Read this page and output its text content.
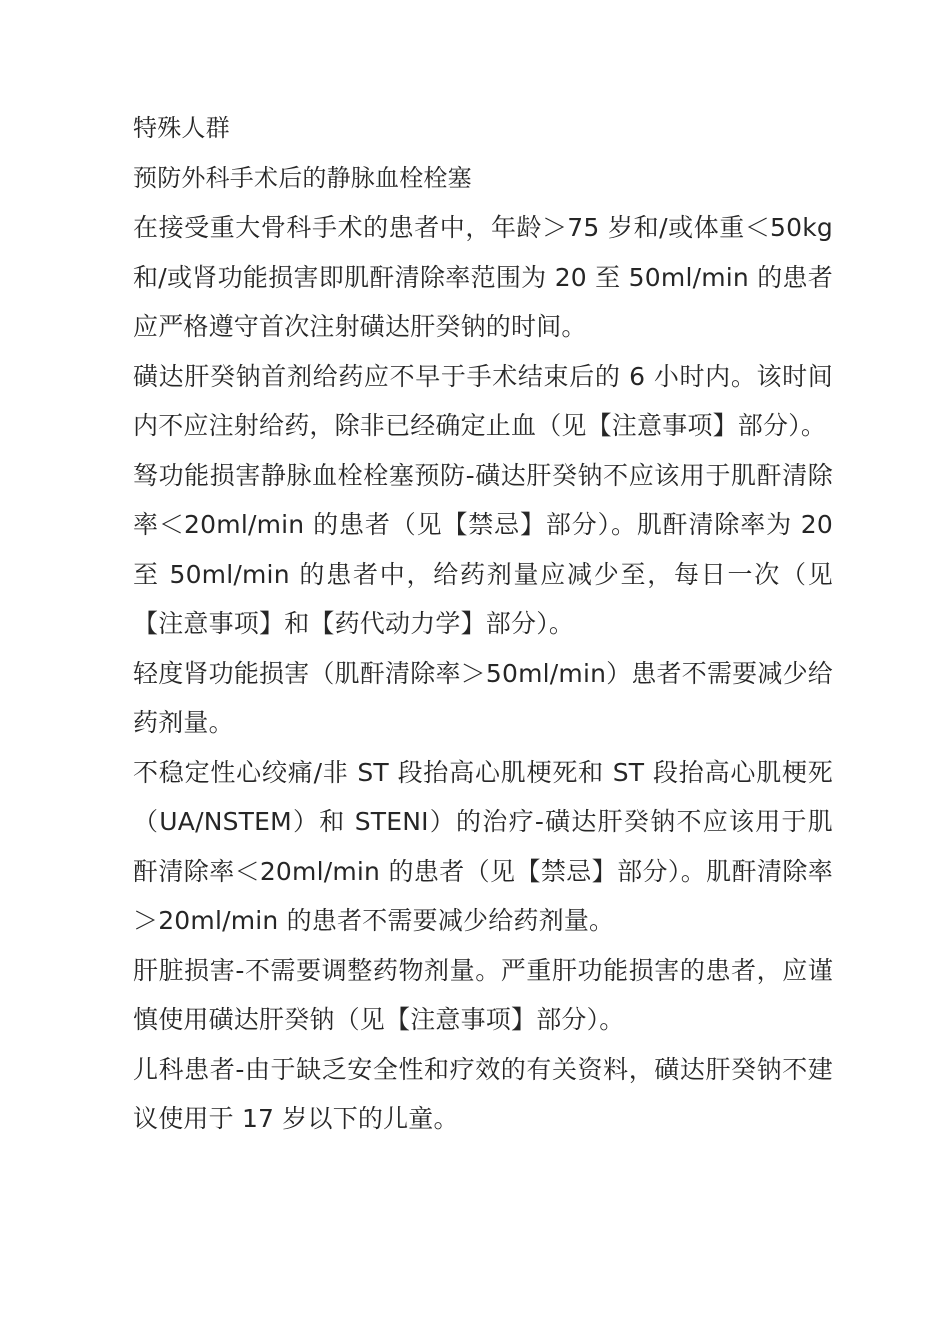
特殊人群

预防外科手术后的静脉血栓栓塞

在接受重大骨科手术的患者中，年龄＞75 岁和/或体重＜50kg 和/或肾功能损害即肌酐清除率范围为 20 至 50ml/min 的患者应严格遵守首次注射磺达肝癸钠的时间。

磺达肝癸钠首剂给药应不早于手术结束后的 6 小时内。该时间内不应注射给药，除非已经确定止血（见【注意事项】部分）。

驽功能损害静脉血栓栓塞预防-磺达肝癸钠不应该用于肌酐清除率＜20ml/min 的患者（见【禁忌】部分）。肌酐清除率为 20 至 50ml/min 的患者中，给药剂量应减少至，每日一次（见【注意事项】和【药代动力学】部分）。

轻度肾功能损害（肌酐清除率＞50ml/min）患者不需要减少给药剂量。

不稳定性心绞痛/非 ST 段抬高心肌梗死和 ST 段抬高心肌梗死（UA/NSTEM）和 STENI）的治疗-磺达肝癸钠不应该用于肌酐清除率＜20ml/min 的患者（见【禁忌】部分）。肌酐清除率＞20ml/min 的患者不需要减少给药剂量。

肝脏损害-不需要调整药物剂量。严重肝功能损害的患者，应谨慎使用磺达肝癸钠（见【注意事项】部分）。

儿科患者-由于缺乏安全性和疗效的有关资料，磺达肝癸钠不建议使用于 17 岁以下的儿童。
